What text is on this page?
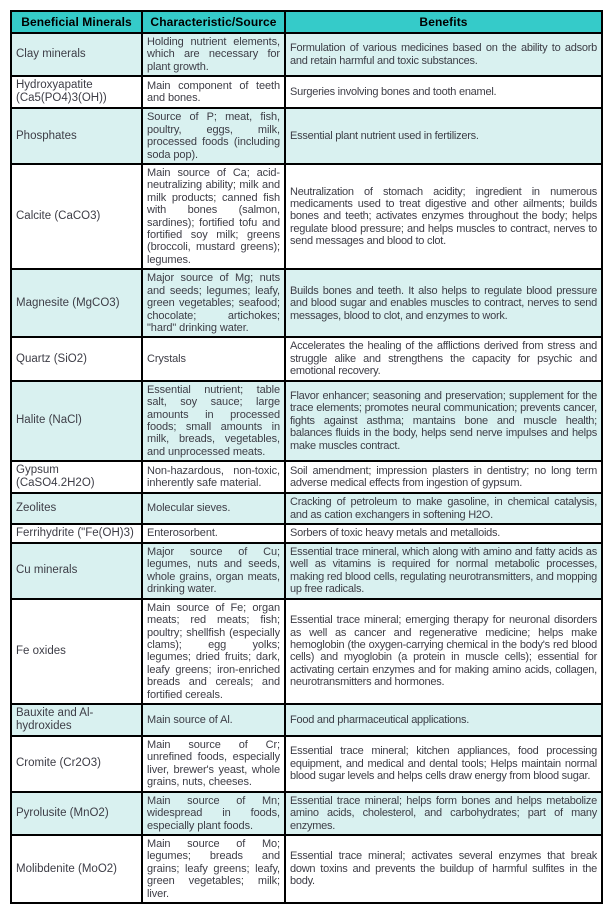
Beneficial Minerals	Characteristic/Source	Benefits
Clay minerals	Holding nutrient elements, which are necessary for plant growth.	Formulation of various medicines based on the ability to adsorb and retain harmful and toxic substances.
Hydroxyapatite (Ca5(PO4)3(OH))	Main component of teeth and bones.	Surgeries involving bones and tooth enamel.
Phosphates	Source of P; meat, fish, poultry, eggs, milk, processed foods (including soda pop).	Essential plant nutrient used in fertilizers.
Calcite (CaCO3)	Main source of Ca; acid-neutralizing ability; milk and milk products; canned fish with bones (salmon, sardines); fortified tofu and fortified soy milk; greens (broccoli, mustard greens); legumes.	Neutralization of stomach acidity; ingredient in numerous medicaments used to treat digestive and other ailments; builds bones and teeth; activates enzymes throughout the body; helps regulate blood pressure; and helps muscles to contract, nerves to send messages and blood to clot.
Magnesite (MgCO3)	Major source of Mg; nuts and seeds; legumes; leafy, green vegetables; seafood; chocolate; artichokes; "hard" drinking water.	Builds bones and teeth. It also helps to regulate blood pressure and blood sugar and enables muscles to contract, nerves to send messages, blood to clot, and enzymes to work.
Quartz (SiO2)	Crystals	Accelerates the healing of the afflictions derived from stress and struggle alike and strengthens the capacity for psychic and emotional recovery.
Halite (NaCl)	Essential nutrient; table salt, soy sauce; large amounts in processed foods; small amounts in milk, breads, vegetables, and unprocessed meats.	Flavor enhancer; seasoning and preservation; supplement for the trace elements; promotes neural communication; prevents cancer, fights against asthma; mantains bone and muscle health; balances fluids in the body, helps send nerve impulses and helps make muscles contract.
Gypsum (CaSO4.2H2O)	Non-hazardous, non-toxic, inherently safe material.	Soil amendment; impression plasters in dentistry; no long term adverse medical effects from ingestion of gypsum.
Zeolites	Molecular sieves.	Cracking of petroleum to make gasoline, in chemical catalysis, and as cation exchangers in softening H2O.
Ferrihydrite ("Fe(OH)3)	Enterosorbent.	Sorbers of toxic heavy metals and metalloids.
Cu minerals	Major source of Cu; legumes, nuts and seeds, whole grains, organ meats, drinking water.	Essential trace mineral, which along with amino and fatty acids as well as vitamins is required for normal metabolic processes, making red blood cells, regulating neurotransmitters, and mopping up free radicals.
Fe oxides	Main source of Fe; organ meats; red meats; fish; poultry; shellfish (especially clams); egg yolks; legumes; dried fruits; dark, leafy greens; iron-enriched breads and cereals; and fortified cereals.	Essential trace mineral; emerging therapy for neuronal disorders as well as cancer and regenerative medicine; helps make hemoglobin (the oxygen-carrying chemical in the body's red blood cells) and myoglobin (a protein in muscle cells); essential for activating certain enzymes and for making amino acids, collagen, neurotransmitters and hormones.
Bauxite and Al-hydroxides	Main source of Al.	Food and pharmaceutical applications.
Cromite (Cr2O3)	Main source of Cr; unrefined foods, especially liver, brewer's yeast, whole grains, nuts, cheeses.	Essential trace mineral; kitchen appliances, food processing equipment, and medical and dental tools; Helps maintain normal blood sugar levels and helps cells draw energy from blood sugar.
Pyrolusite (MnO2)	Main source of Mn; widespread in foods, especially plant foods.	Essential trace mineral; helps form bones and helps metabolize amino acids, cholesterol, and carbohydrates; part of many enzymes.
Molibdenite (MoO2)	Main source of Mo; legumes; breads and grains; leafy greens; leafy, green vegetables; milk; liver.	Essential trace mineral; activates several enzymes that break down toxins and prevents the buildup of harmful sulfites in the body.
